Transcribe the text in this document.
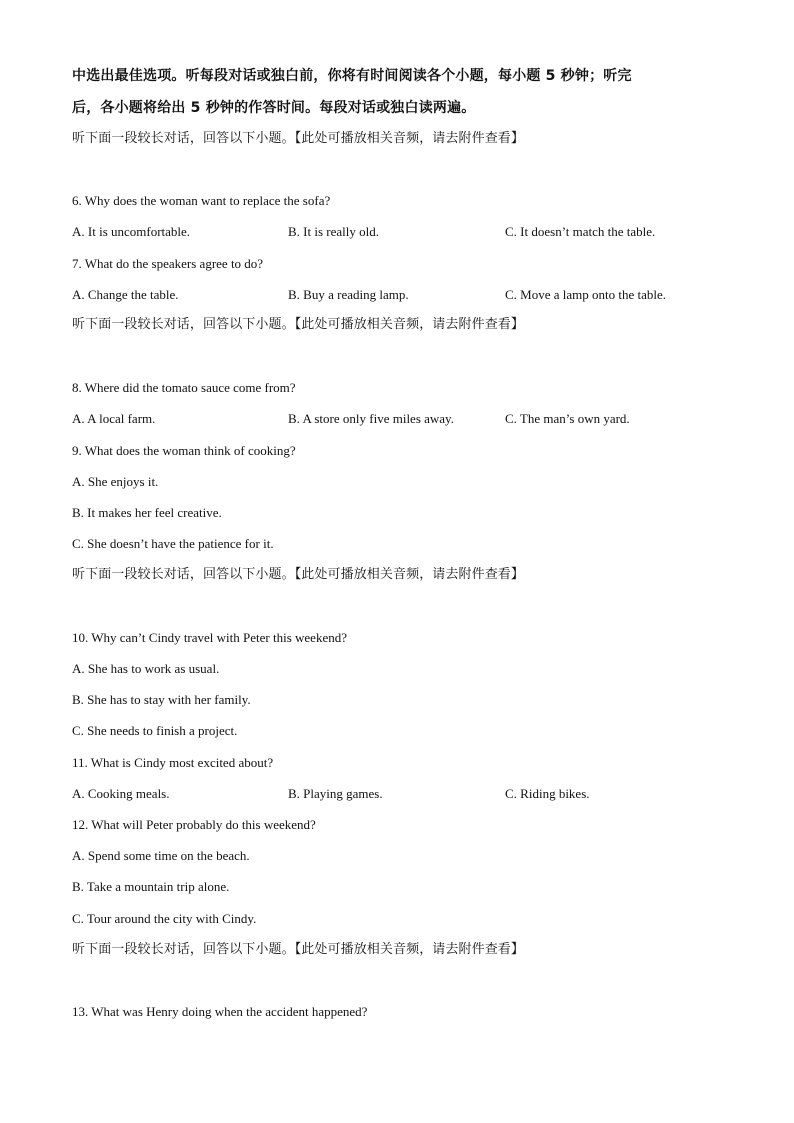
中选出最佳选项。听每段对话或独白前，你将有时间阅读各个小题，每小题 5 秒钟；听完
后，各小题将给出 5 秒钟的作答时间。每段对话或独白读两遍。
听下面一段较长对话，回答以下小题。【此处可播放相关音频，请去附件查看】
6. Why does the woman want to replace the sofa?
A. It is uncomfortable.	B. It is really old.	C. It doesn’t match the table.
7. What do the speakers agree to do?
A. Change the table.	B. Buy a reading lamp.	C. Move a lamp onto the table.
听下面一段较长对话，回答以下小题。【此处可播放相关音频，请去附件查看】
8. Where did the tomato sauce come from?
A. A local farm.	B. A store only five miles away.	C. The man’s own yard.
9. What does the woman think of cooking?
A. She enjoys it.
B. It makes her feel creative.
C. She doesn’t have the patience for it.
听下面一段较长对话，回答以下小题。【此处可播放相关音频，请去附件查看】
10. Why can’t Cindy travel with Peter this weekend?
A. She has to work as usual.
B. She has to stay with her family.
C. She needs to finish a project.
11. What is Cindy most excited about?
A. Cooking meals.	B. Playing games.	C. Riding bikes.
12. What will Peter probably do this weekend?
A. Spend some time on the beach.
B. Take a mountain trip alone.
C. Tour around the city with Cindy.
听下面一段较长对话，回答以下小题。【此处可播放相关音频，请去附件查看】
13. What was Henry doing when the accident happened?
